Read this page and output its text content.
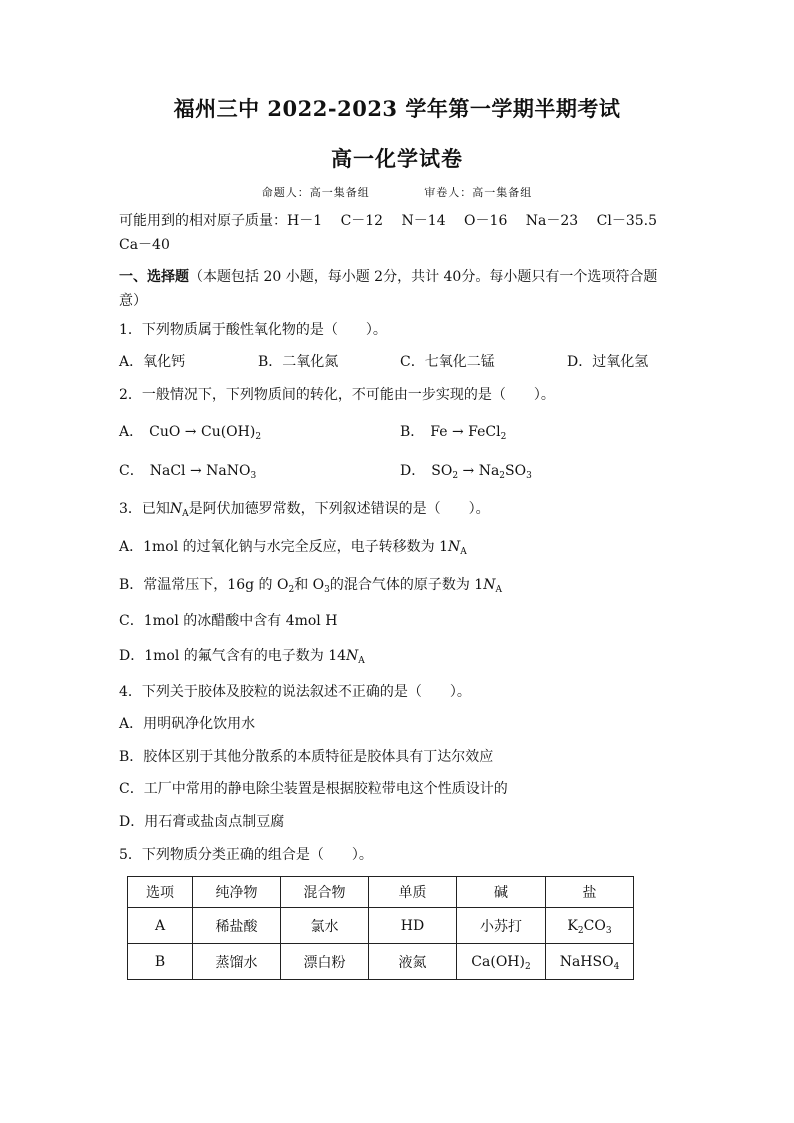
福州三中 2022-2023 学年第一学期半期考试
高一化学试卷
命题人：高一集备组	审卷人：高一集备组
可能用到的相对原子质量：H－1　 C－12　 N－14　 O－16　 Na－23　 Cl－35.5
Ca－40
一、选择题（本题包括 20 小题，每小题 2分，共计 40分。每小题只有一个选项符合题
意）
1．下列物质属于酸性氧化物的是（　　）。
A．氧化钙	B．二氧化氮	C．七氧化二锰	D．过氧化氢
2．一般情况下，下列物质间的转化，不可能由一步实现的是（　　）。
A． CuO → $Cu(OH)_2$	B． Fe → FeCl$_2$
C． NaCl → NaNO$_3$	D． $SO_2 \to Na_2SO_3$
3．已知$N_A$是阿伏加德罗常数，下列叙述错误的是（　　）。
A．1mol 的过氧化钠与水完全反应，电子转移数为 $1N_A$
B．常温常压下，16g 的 $O_2$和 $O_3$的混合气体的原子数为 $1N_A$
C．1mol 的冰醋酸中含有 4mol H
D．1mol 的氟气含有的电子数为 $14N_A$
4．下列关于胶体及胶粒的说法叙述不正确的是（　　）。
A．用明矾净化饮用水
B．胶体区别于其他分散系的本质特征是胶体具有丁达尔效应
C．工厂中常用的静电除尘装置是根据胶粒带电这个性质设计的
D．用石膏或盐卤点制豆腐
5．下列物质分类正确的组合是（　　）。
选项	纯净物	混合物	单质	碱	盐
A	稀盐酸	氯水	HD	小苏打	$K_2CO_3$
B	蒸馏水	漂白粉	液氮	$Ca(OH)_2$	NaHSO$_4$
